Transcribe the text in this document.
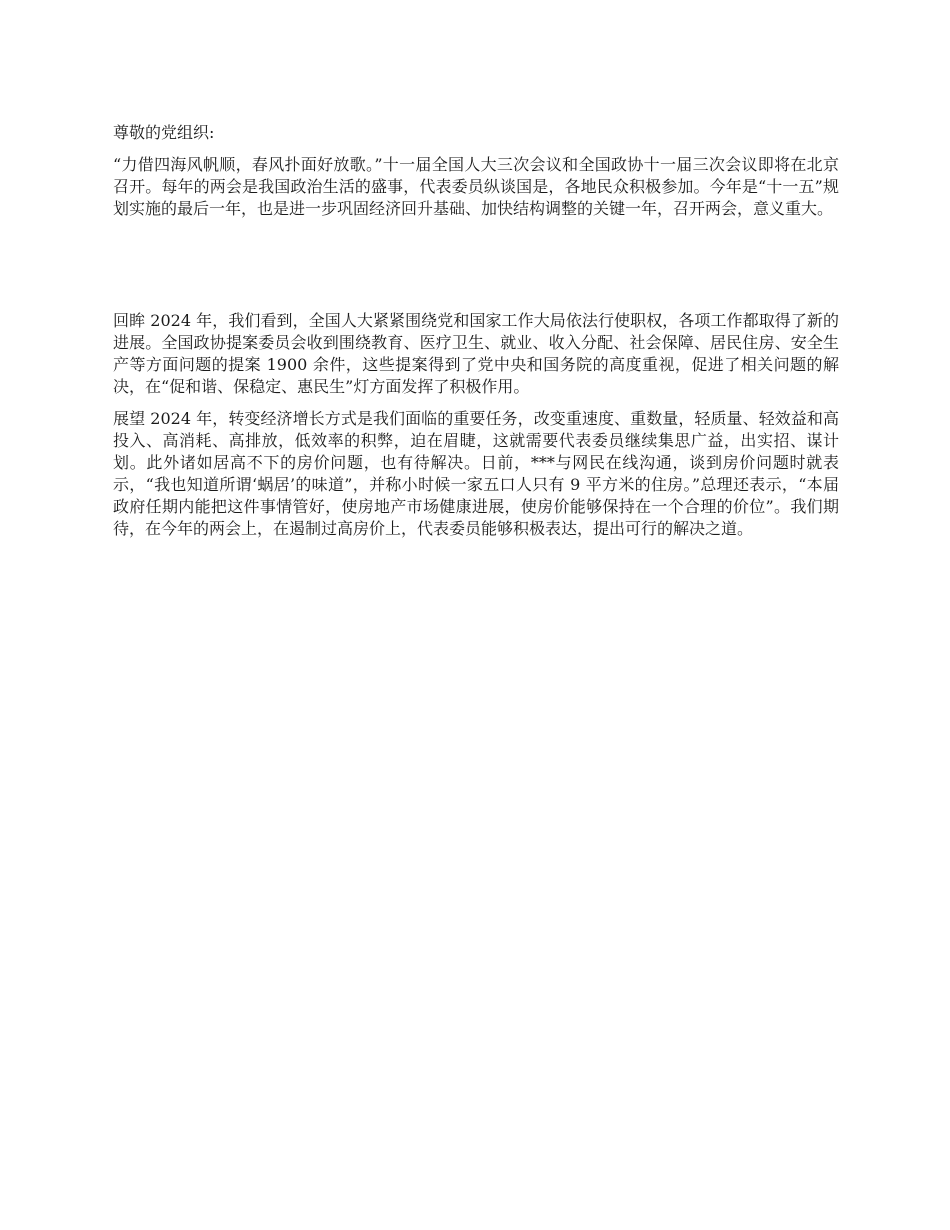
尊敬的党组织:

“力借四海风帆顺，春风扑面好放歌。”十一届全国人大三次会议和全国政协十一届三次会议即将在北京召开。每年的两会是我国政治生活的盛事，代表委员纵谈国是，各地民众积极参加。今年是“十一五”规划实施的最后一年，也是进一步巩固经济回升基础、加快结构调整的关键一年，召开两会，意义重大。

回眸 2024 年，我们看到，全国人大紧紧围绕党和国家工作大局依法行使职权，各项工作都取得了新的进展。全国政协提案委员会收到围绕教育、医疗卫生、就业、收入分配、社会保障、居民住房、安全生产等方面问题的提案 1900 余件，这些提案得到了党中央和国务院的高度重视，促进了相关问题的解决，在“促和谐、保稳定、惠民生”灯方面发挥了积极作用。

展望 2024 年，转变经济增长方式是我们面临的重要任务，改变重速度、重数量，轻质量、轻效益和高投入、高消耗、高排放，低效率的积弊，迫在眉睫，这就需要代表委员继续集思广益，出实招、谋计划。此外诸如居高不下的房价问题，也有待解决。日前，***与网民在线沟通，谈到房价问题时就表示，“我也知道所谓‘蜗居’的味道”，并称小时候一家五口人只有 9 平方米的住房。”总理还表示，“本届政府任期内能把这件事情管好，使房地产市场健康进展，使房价能够保持在一个合理的价位”。我们期待，在今年的两会上，在遏制过高房价上，代表委员能够积极表达，提出可行的解决之道。
